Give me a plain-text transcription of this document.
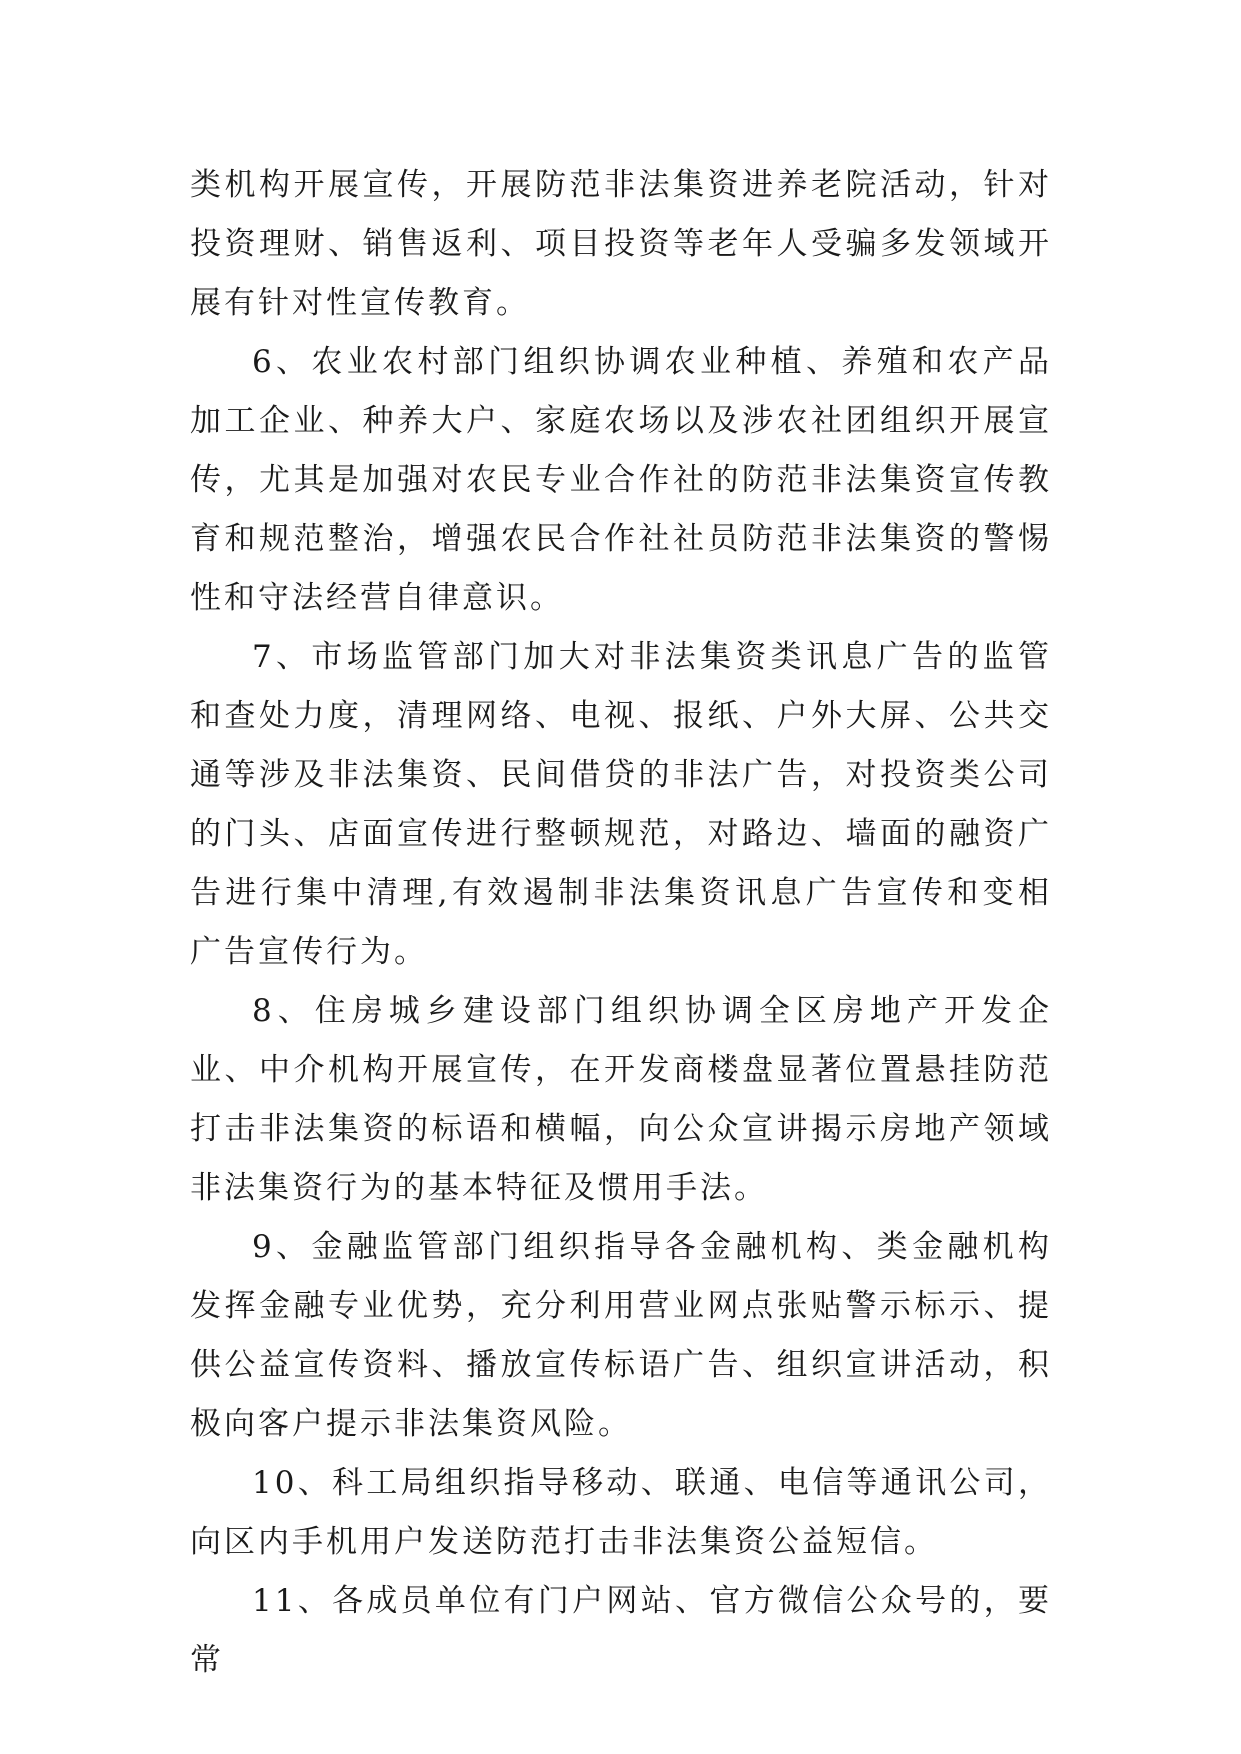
类机构开展宣传，开展防范非法集资进养老院活动，针对投资理财、销售返利、项目投资等老年人受骗多发领域开展有针对性宣传教育。

6、农业农村部门组织协调农业种植、养殖和农产品加工企业、种养大户、家庭农场以及涉农社团组织开展宣传，尤其是加强对农民专业合作社的防范非法集资宣传教育和规范整治，增强农民合作社社员防范非法集资的警惕性和守法经营自律意识。

7、市场监管部门加大对非法集资类讯息广告的监管和查处力度，清理网络、电视、报纸、户外大屏、公共交通等涉及非法集资、民间借贷的非法广告，对投资类公司的门头、店面宣传进行整顿规范，对路边、墙面的融资广告进行集中清理,有效遏制非法集资讯息广告宣传和变相广告宣传行为。

8、住房城乡建设部门组织协调全区房地产开发企业、中介机构开展宣传，在开发商楼盘显著位置悬挂防范打击非法集资的标语和横幅，向公众宣讲揭示房地产领域非法集资行为的基本特征及惯用手法。

9、金融监管部门组织指导各金融机构、类金融机构发挥金融专业优势，充分利用营业网点张贴警示标示、提供公益宣传资料、播放宣传标语广告、组织宣讲活动，积极向客户提示非法集资风险。

10、科工局组织指导移动、联通、电信等通讯公司，向区内手机用户发送防范打击非法集资公益短信。

11、各成员单位有门户网站、官方微信公众号的，要常
